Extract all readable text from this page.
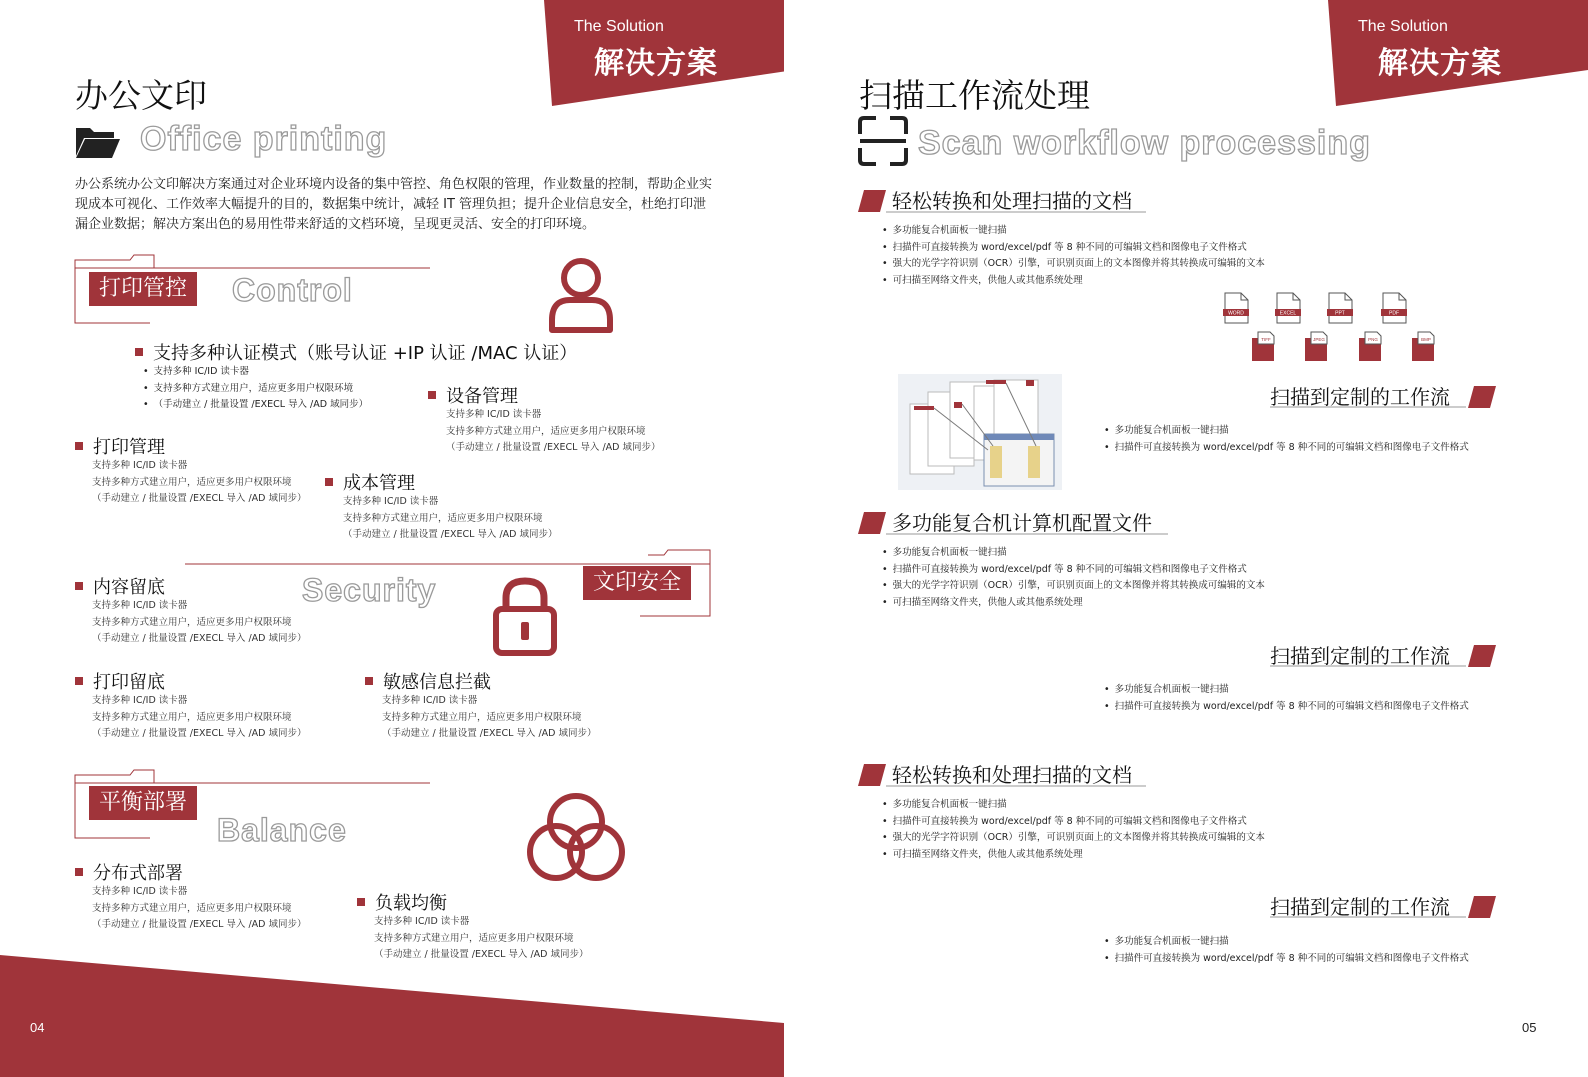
The Solution
解决方案
办公文印
Office printing
办公系统办公文印解决方案通过对企业环境内设备的集中管控、角色权限的管理，作业数量的控制，帮助企业实现成本可视化、工作效率大幅提升的目的，数据集中统计，减轻 IT 管理负担；提升企业信息安全，杜绝打印泄漏企业数据；解决方案出色的易用性带来舒适的文档环境，呈现更灵活、安全的打印环境。
打印管控	Control
支持多种认证模式（账号认证 +IP 认证 /MAC 认证）
• 支持多种 IC/ID 读卡器
• 支持多种方式建立用户，适应更多用户权限环境
• （手动建立 / 批量设置 /EXECL 导入 /AD 域同步）	设备管理
支持多种 IC/ID 读卡器
支持多种方式建立用户，适应更多用户权限环境
（手动建立 / 批量设置 /EXECL 导入 /AD 域同步）
打印管理
支持多种 IC/ID 读卡器
支持多种方式建立用户，适应更多用户权限环境
（手动建立 / 批量设置 /EXECL 导入 /AD 域同步）
成本管理
支持多种 IC/ID 读卡器
支持多种方式建立用户，适应更多用户权限环境
（手动建立 / 批量设置 /EXECL 导入 /AD 域同步）
文印安全
Security
内容留底
支持多种 IC/ID 读卡器
支持多种方式建立用户，适应更多用户权限环境
（手动建立 / 批量设置 /EXECL 导入 /AD 域同步）
打印留底
支持多种 IC/ID 读卡器
支持多种方式建立用户，适应更多用户权限环境
（手动建立 / 批量设置 /EXECL 导入 /AD 域同步）
敏感信息拦截
支持多种 IC/ID 读卡器
支持多种方式建立用户，适应更多用户权限环境
（手动建立 / 批量设置 /EXECL 导入 /AD 域同步）
平衡部署
Balance
分布式部署
支持多种 IC/ID 读卡器
支持多种方式建立用户，适应更多用户权限环境
（手动建立 / 批量设置 /EXECL 导入 /AD 域同步）
负载均衡
支持多种 IC/ID 读卡器
支持多种方式建立用户，适应更多用户权限环境
（手动建立 / 批量设置 /EXECL 导入 /AD 域同步）
04
The Solution
解决方案
扫描工作流处理
Scan workflow processing
轻松转换和处理扫描的文档
• 多功能复合机面板一键扫描
• 扫描件可直接转换为 word/excel/pdf 等 8 种不同的可编辑文档和图像电子文件格式
• 强大的光学字符识别（OCR）引擎，可识别页面上的文本图像并将其转换成可编辑的文本
• 可扫描至网络文件夹，供他人或其他系统处理
WORD	EXCEL	PPT	PDF
TIFF	JPEG	PNG	BMP
扫描到定制的工作流
• 多功能复合机面板一键扫描
• 扫描件可直接转换为 word/excel/pdf 等 8 种不同的可编辑文档和图像电子文件格式
多功能复合机计算机配置文件
• 多功能复合机面板一键扫描
• 扫描件可直接转换为 word/excel/pdf 等 8 种不同的可编辑文档和图像电子文件格式
• 强大的光学字符识别（OCR）引擎，可识别页面上的文本图像并将其转换成可编辑的文本
• 可扫描至网络文件夹，供他人或其他系统处理
扫描到定制的工作流
• 多功能复合机面板一键扫描
• 扫描件可直接转换为 word/excel/pdf 等 8 种不同的可编辑文档和图像电子文件格式
轻松转换和处理扫描的文档
• 多功能复合机面板一键扫描
• 扫描件可直接转换为 word/excel/pdf 等 8 种不同的可编辑文档和图像电子文件格式
• 强大的光学字符识别（OCR）引擎，可识别页面上的文本图像并将其转换成可编辑的文本
• 可扫描至网络文件夹，供他人或其他系统处理
扫描到定制的工作流
• 多功能复合机面板一键扫描
• 扫描件可直接转换为 word/excel/pdf 等 8 种不同的可编辑文档和图像电子文件格式
05
